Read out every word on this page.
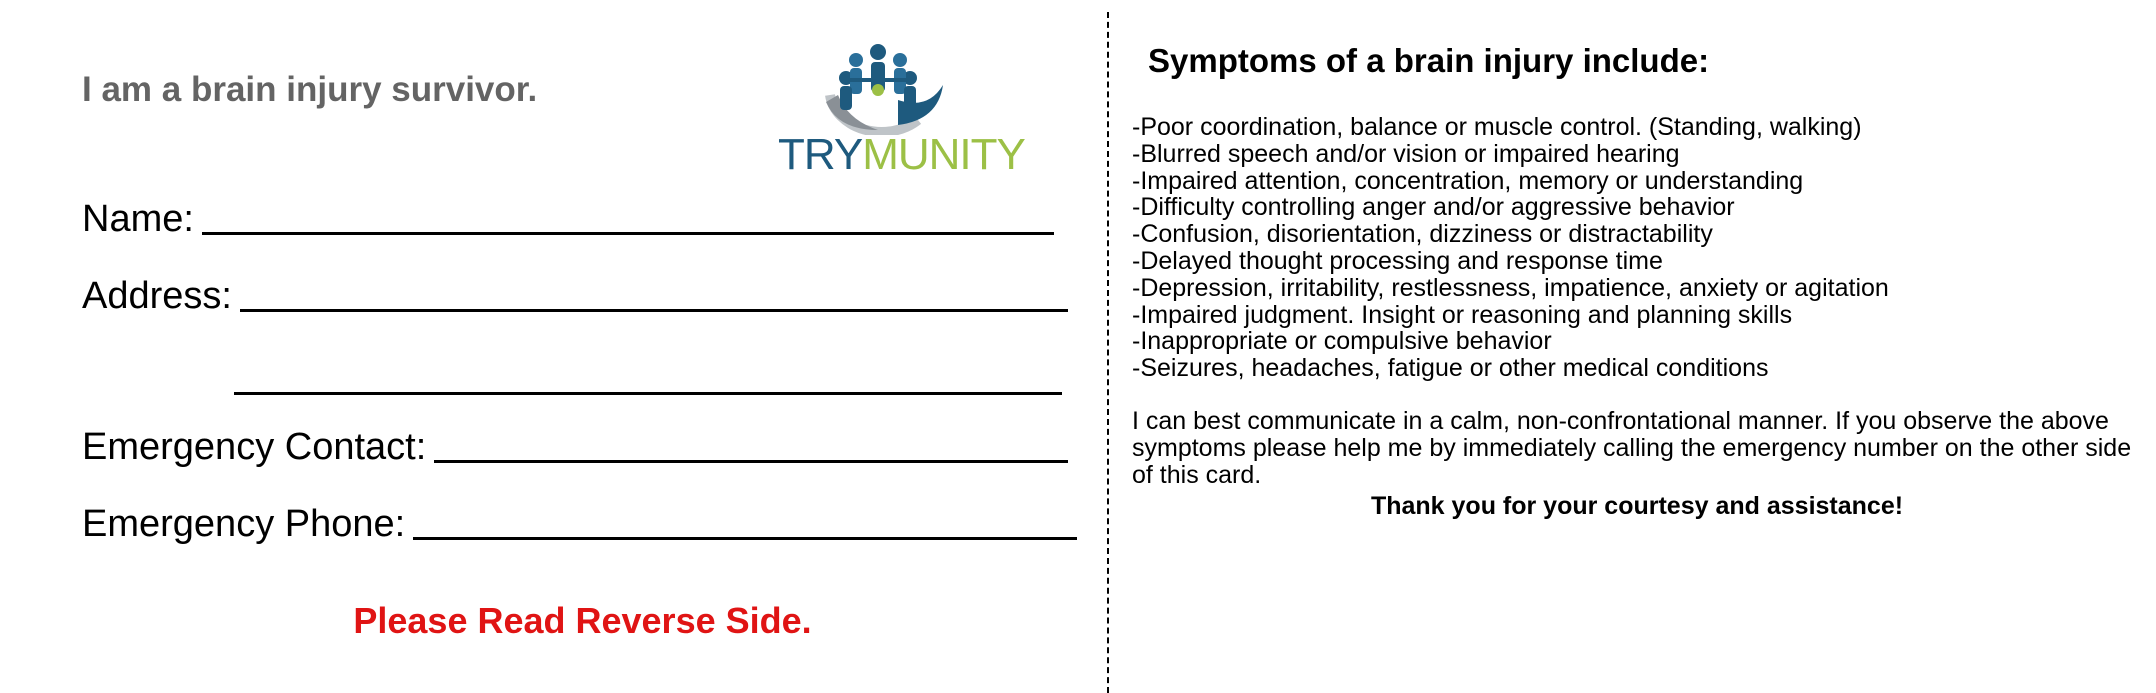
I am a brain injury survivor.
TRYMUNITY
Name:
Address:
Emergency Contact:
Emergency Phone:
Please Read Reverse Side.
Symptoms of a brain injury include:
-Poor coordination, balance or muscle control. (Standing, walking)
-Blurred speech and/or vision or impaired hearing
-Impaired attention, concentration, memory or understanding
-Difficulty controlling anger and/or aggressive behavior
-Confusion, disorientation, dizziness or distractability
-Delayed thought processing and response time
-Depression, irritability, restlessness, impatience, anxiety or agitation
-Impaired judgment. Insight or reasoning and planning skills
-Inappropriate or compulsive behavior
-Seizures, headaches, fatigue or other medical conditions
I can best communicate in a calm, non-confrontational manner. If you observe the above symptoms please help me by immediately calling the emergency number on the other side of this card.
Thank you for your courtesy and assistance!
